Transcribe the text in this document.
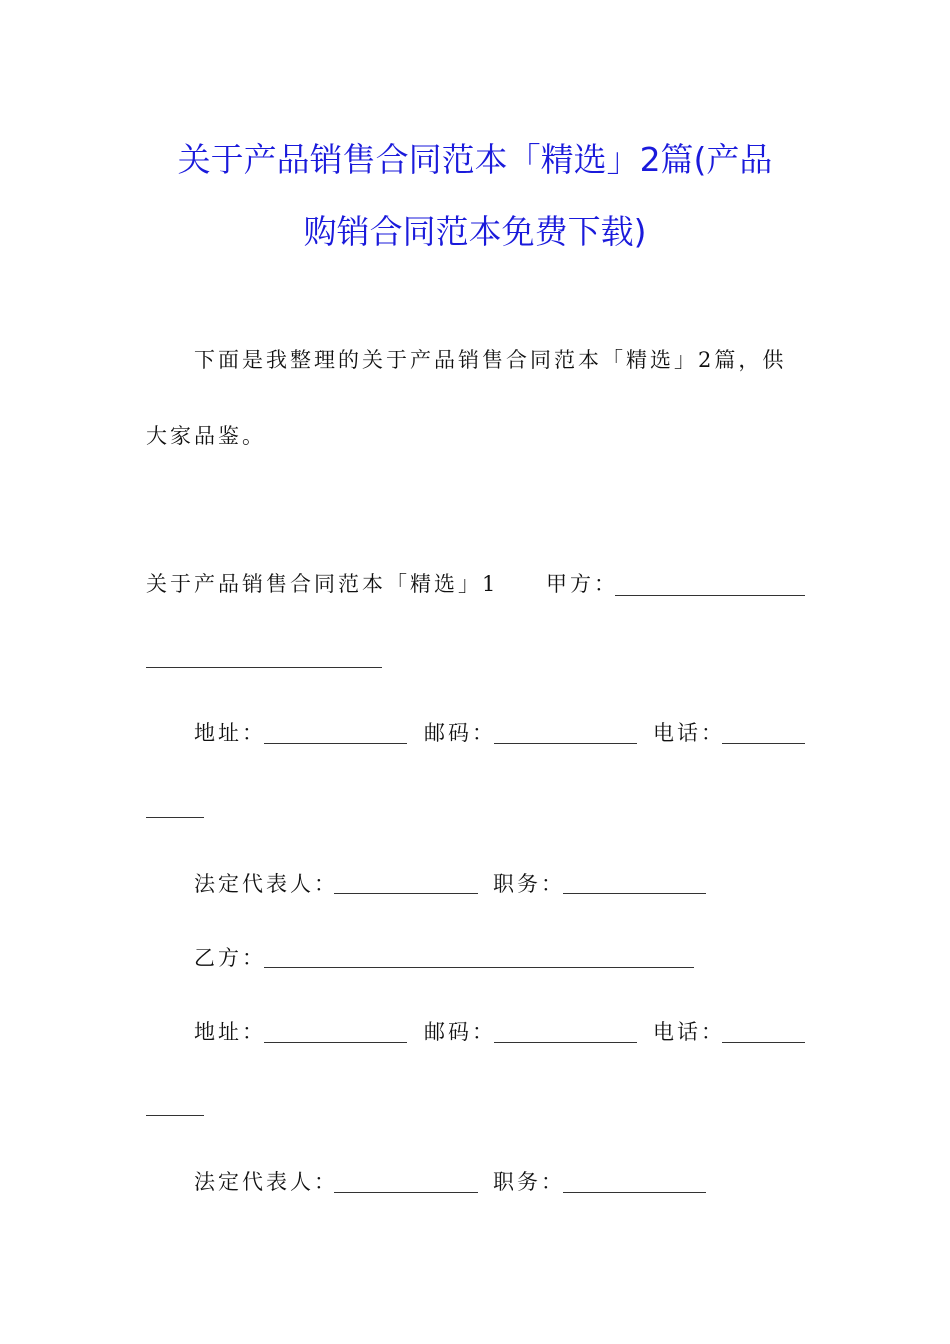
关于产品销售合同范本「精选」2篇(产品
购销合同范本免费下载)
下面是我整理的关于产品销售合同范本「精选」2篇，供
大家品鉴。
关于产品销售合同范本「精选」1 甲方：
地址：	邮码：	电话：
法定代表人：	职务：
乙方：
地址：	邮码：	电话：
法定代表人：	职务：
